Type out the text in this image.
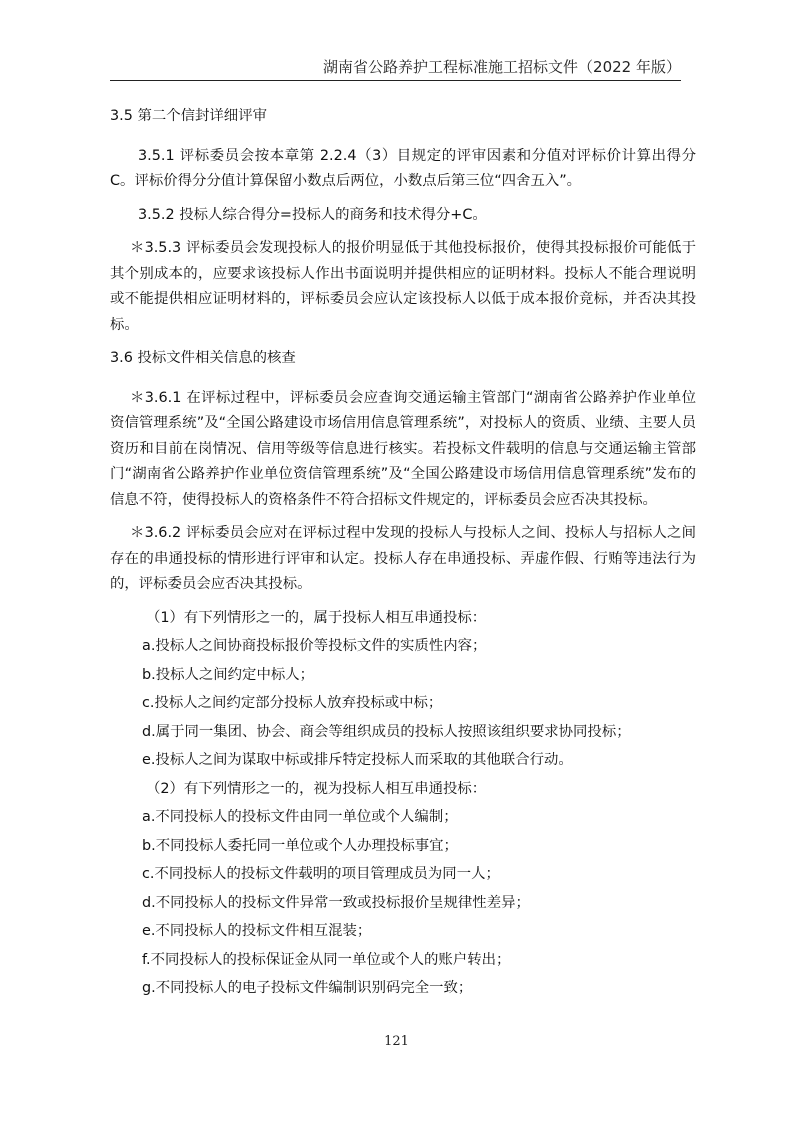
湖南省公路养护工程标准施工招标文件（2022 年版）
3.5 第二个信封详细评审
3.5.1 评标委员会按本章第 2.2.4（3）目规定的评审因素和分值对评标价计算出得分 C。评标价得分分值计算保留小数点后两位，小数点后第三位“四舍五入”。
3.5.2 投标人综合得分=投标人的商务和技术得分+C。
＊3.5.3 评标委员会发现投标人的报价明显低于其他投标报价，使得其投标报价可能低于其个别成本的，应要求该投标人作出书面说明并提供相应的证明材料。投标人不能合理说明或不能提供相应证明材料的，评标委员会应认定该投标人以低于成本报价竞标，并否决其投标。
3.6 投标文件相关信息的核查
＊3.6.1 在评标过程中，评标委员会应查询交通运输主管部门“湖南省公路养护作业单位资信管理系统”及“全国公路建设市场信用信息管理系统”，对投标人的资质、业绩、主要人员资历和目前在岗情况、信用等级等信息进行核实。若投标文件载明的信息与交通运输主管部门“湖南省公路养护作业单位资信管理系统”及“全国公路建设市场信用信息管理系统”发布的信息不符，使得投标人的资格条件不符合招标文件规定的，评标委员会应否决其投标。
＊3.6.2 评标委员会应对在评标过程中发现的投标人与投标人之间、投标人与招标人之间存在的串通投标的情形进行评审和认定。投标人存在串通投标、弄虚作假、行贿等违法行为的，评标委员会应否决其投标。
（1）有下列情形之一的，属于投标人相互串通投标：
a.投标人之间协商投标报价等投标文件的实质性内容；
b.投标人之间约定中标人；
c.投标人之间约定部分投标人放弃投标或中标；
d.属于同一集团、协会、商会等组织成员的投标人按照该组织要求协同投标；
e.投标人之间为谋取中标或排斥特定投标人而采取的其他联合行动。
（2）有下列情形之一的，视为投标人相互串通投标：
a.不同投标人的投标文件由同一单位或个人编制；
b.不同投标人委托同一单位或个人办理投标事宜；
c.不同投标人的投标文件载明的项目管理成员为同一人；
d.不同投标人的投标文件异常一致或投标报价呈规律性差异；
e.不同投标人的投标文件相互混装；
f.不同投标人的投标保证金从同一单位或个人的账户转出；
g.不同投标人的电子投标文件编制识别码完全一致；
121
